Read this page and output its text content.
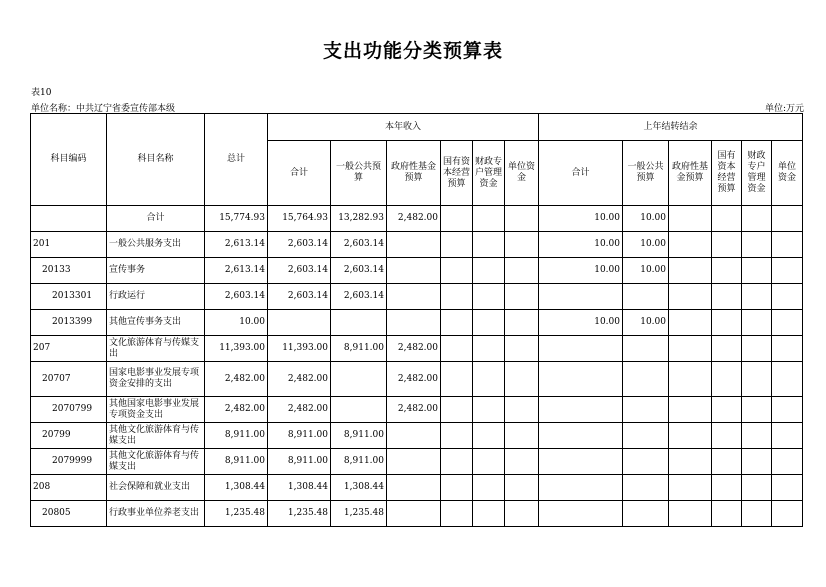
支出功能分类预算表
表10
单位名称：中共辽宁省委宣传部本级	单位:万元
科目编码	科目名称	总计	本年收入						上年结转结余					
			合计	一般公共预算	政府性基金预算	国有资本经营预算	财政专户管理资金	单位资金	合计	一般公共预算	政府性基金预算	国有资本经营预算	财政专户管理资金	单位资金
	合计	15,774.93	15,764.93	13,282.93	2,482.00				10.00	10.00				
201	一般公共服务支出	2,613.14	2,603.14	2,603.14					10.00	10.00				
20133	宣传事务	2,613.14	2,603.14	2,603.14					10.00	10.00				
2013301	行政运行	2,603.14	2,603.14	2,603.14										
2013399	其他宣传事务支出	10.00							10.00	10.00				
207	文化旅游体育与传媒支出	11,393.00	11,393.00	8,911.00	2,482.00									
20707	国家电影事业发展专项资金安排的支出	2,482.00	2,482.00		2,482.00									
2070799	其他国家电影事业发展专项资金支出	2,482.00	2,482.00		2,482.00									
20799	其他文化旅游体育与传媒支出	8,911.00	8,911.00	8,911.00										
2079999	其他文化旅游体育与传媒支出	8,911.00	8,911.00	8,911.00										
208	社会保障和就业支出	1,308.44	1,308.44	1,308.44										
20805	行政事业单位养老支出	1,235.48	1,235.48	1,235.48										
